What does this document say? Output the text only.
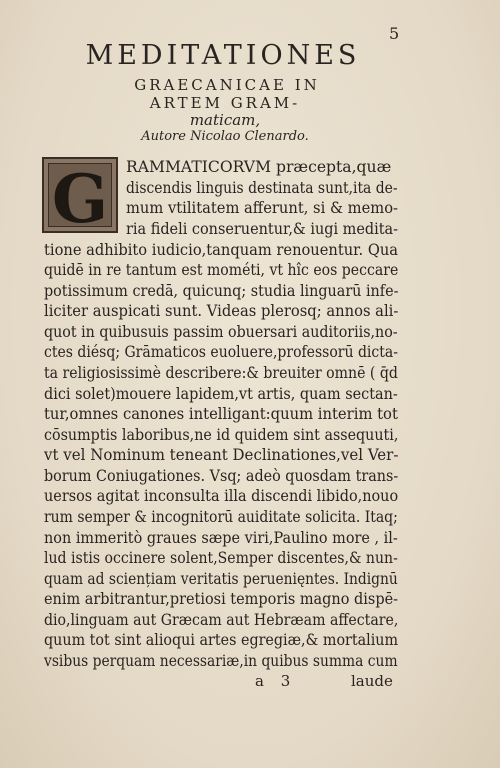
5
MEDITATIONES
GRAECANICAE IN
ARTEM GRAM-
maticam,
Autore Nicolao Clenardo.
G RAMMATICORVM præcepta,quæ
discendis linguis destinata sunt,ita de-
mum vtilitatem afferunt, si & memo-
ria fideli conseruentur,& iugi medita-
tione adhibito iudicio,tanquam renouentur. Qua
quidē in re tantum est mométi, vt hîc eos peccare
potissimum credā, quicunq; studia linguarū infe-
liciter auspicati sunt. Videas plerosq; annos ali-
quot in quibusuis passim obuersari auditoriis,no-
ctes diésq; Grāmaticos euoluere,professorū dicta-
ta religiosissimè describere:& breuiter omnē ( q̄d
dici solet)mouere lapidem,vt artis, quam sectan-
tur,omnes canones intelligant:quum interim tot
cōsumptis laboribus,ne id quidem sint assequuti,
vt vel Nominum teneant Declinationes,vel Ver-
borum Coniugationes. Vsq; adeò quosdam trans-
uersos agitat inconsulta illa discendi libido,nouo
rum semper & incognitorū auiditate solicita. Itaq;
non immeritò graues sæpe viri,Paulino more , il-
lud istis occinere solent,Semper discentes,& nun-
quam ad sciențiam veritatis peruenięntes. Indignū
enim arbitrantur,pretiosi temporis magno dispē-
dio,linguam aut Græcam aut Hebræam affectare,
quum tot sint alioqui artes egregiæ,& mortalium
vsibus perquam necessariæ,in quibus summa cum
a 3	laude
